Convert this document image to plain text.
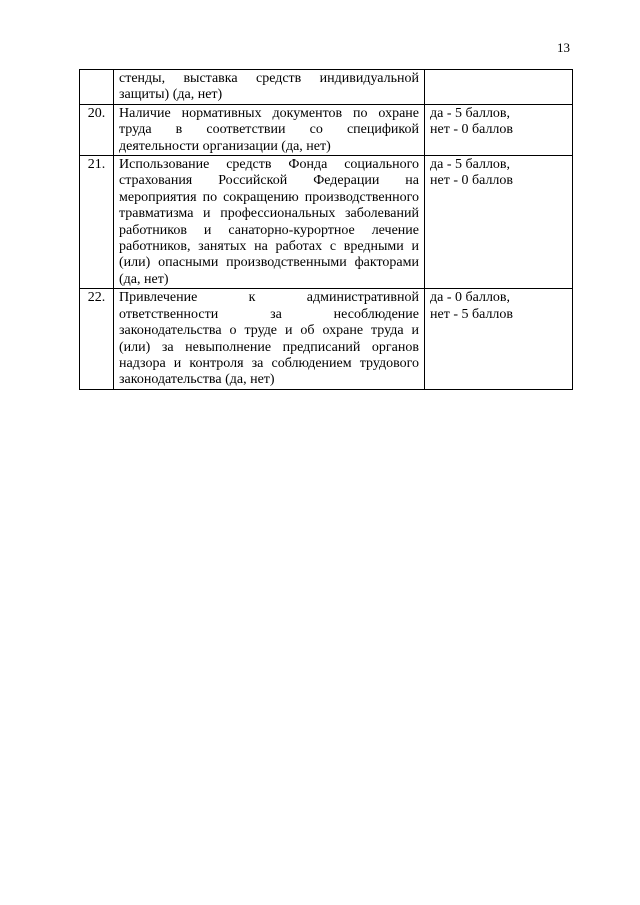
13
	стенды, выставка средств индивидуальной защиты) (да, нет)	
20.	Наличие нормативных документов по охране труда в соответствии со спецификой деятельности организации (да, нет)	да - 5 баллов,
нет - 0 баллов

21.	Использование средств Фонда социального страхования Российской Федерации на мероприятия по сокращению производственного травматизма и профессиональных заболеваний работников и санаторно-курортное лечение работников, занятых на работах с вредными и (или) опасными производственными факторами (да, нет)	да - 5 баллов,
нет - 0 баллов

22.	Привлечение к административной ответственности за несоблюдение законодательства о труде и об охране труда и (или) за невыполнение предписаний органов надзора и контроля за соблюдением трудового законодательства (да, нет)	да - 0 баллов,
нет - 5 баллов
